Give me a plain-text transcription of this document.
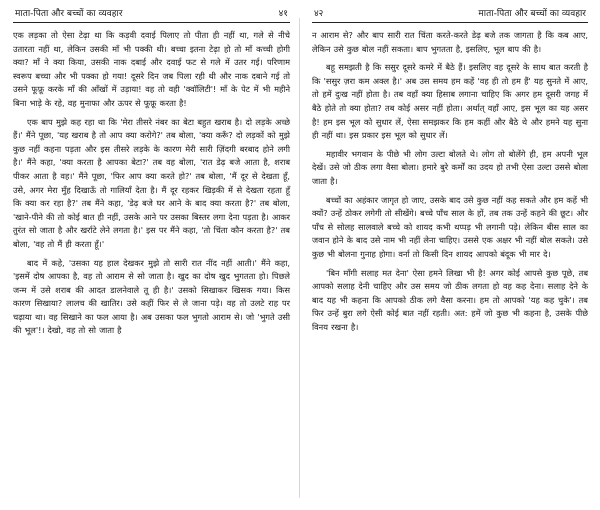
माता-पिता और बच्चों का व्यवहार	४१

एक लड़का तो ऐसा टेढ़ा था कि कड़वी दवाई पिलाए तो पीता ही नहीं था, गले से नीचे उतारता नहीं था, लेकिन उसकी माँ भी पक्की थी। बच्चा इतना टेढ़ा हो तो माँ कच्ची होगी क्या? माँ ने क्या किया, उसकी नाक दबाई और दवाई फट से गले में उतर गई। परिणाम स्वरूप बच्चा और भी पक्का हो गया! दूसरे दिन जब पिला रही थी और नाक दबाने गई तो उसने फूफ़ू करके माँ की आँखों में उड़ाया! वह तो वही 'क्वॉलिटी'! माँ के पेट में भी महीने बिना भाड़े के रहे, वह मुनाफा और ऊपर से फूफ़ू करता है!

एक बाप मुझे कह रहा था कि 'मेरा तीसरे नंबर का बेटा बहुत खराब है। दो लड़के अच्छे हैं।' मैंने पूछा, 'यह खराब है तो आप क्या करोगे?' तब बोला, 'क्या करूँ? दो लड़कों को मुझे कुछ नहीं कहना पड़ता और इस तीसरे लड़के के कारण मेरी सारी ज़िंदगी बरबाद होने लगी है।' मैंने कहा, 'क्या करता है आपका बेटा?' तब वह बोला, 'रात डेढ़ बजे आता है, शराब पीकर आता है वह।' मैंने पूछा, 'फिर आप क्या करते हो?' तब बोला, 'मैं दूर से देखता हूँ, उसे, अगर मेरा मुँह दिखाऊँ तो गालियाँ देता है। मैं दूर रहकर खिड़की में से देखता रहता हूँ कि क्या कर रहा है?' तब मैंने कहा, 'डेढ़ बजे घर आने के बाद क्या करता है?' तब बोला, 'खाने-पीने की तो कोई बात ही नहीं, उसके आने पर उसका बिस्तर लगा देना पड़ता है। आकर तुरंत सो जाता है और खर्राटे लेने लगता है।' इस पर मैंने कहा, 'तो चिंता कौन करता है?' तब बोला, 'वह तो मैं ही करता हूँ।'

बाद में कहे, 'उसका यह हाल देखकर मुझे तो सारी रात नींद नहीं आती।' मैंने कहा, 'इसमें दोष आपका है, वह तो आराम से सो जाता है। खुद का दोष खुद भुगतता हो। पिछले जन्म में उसे शराब की आदत डालनेवाले तू ही है।' उसको सिखाकर खिसक गया। किस कारण सिखाया? लालच की खातिर। उसे कहीं फिर से ले जाना पड़े। वह तो उलटे राह पर चढ़ाया था। वह सिखाने का फल आया है। अब उसका फल भुगतो आराम से। जो 'भुगते उसी की भूल'!। देखो, वह तो सो जाता है

४२	माता-पिता और बच्चों का व्यवहार

न आराम से? और बाप सारी रात चिंता करते-करते डेढ़ बजे तक जागता है कि कब आए, लेकिन उसे कुछ बोल नहीं सकता। बाप भुगतता है, इसलिए, भूल बाप की है।

बहू समझती है कि ससुर दूसरे कमरे में बैठे हैं। इसलिए वह दूसरे के साथ बात करती है कि 'ससुर ज़रा कम अक्ल है।' अब उस समय हम कहें 'वह ही तो हम हैं' यह सुनते में आए, तो हमें दुःख नहीं होता है। तब वहाँ क्या हिसाब लगाना चाहिए कि अगर हम दूसरी जगह में बैठे होते तो क्या होता? तब कोई असर नहीं होता। अर्थात् वहाँ आए, इस भूल का यह असर है! हम इस भूल को सुधार लें, ऐसा समझकर कि हम कहीं और बैठे थे और हमने यह सुना ही नहीं था। इस प्रकार इस भूल को सुधार लें।

महावीर भगवान के पीछे भी लोग उल्टा बोलते थे। लोग तो बोलेंगे ही, हम अपनी भूल देखें। उसे जो ठीक लगा वैसा बोला। हमारे बुरे कर्मों का उदय हो तभी ऐसा उल्टा उससे बोला जाता है।

बच्चों का अहंकार जागृत हो जाए, उसके बाद उसे कुछ नहीं कह सकते और हम कहें भी क्यों? उन्हें ठोकर लगेगी तो सीखेंगे। बच्चे पाँच साल के हों, तब तक उन्हें कहने की छूट। और पाँच से सोलह सालवाले बच्चे को शायद कभी थप्पड़ भी लगानी पड़े। लेकिन बीस साल का जवान होने के बाद उसे नाम भी नहीं लेना चाहिए। उससे एक अक्षर भी नहीं बोल सकते। उसे कुछ भी बोलना गुनाह होगा। वर्ना तो किसी दिन शायद आपको बंदूक भी मार दे।

'बिन माँगी सलाह मत देना' ऐसा हमने लिखा भी है! अगर कोई आपसे कुछ पूछे, तब आपको सलाह देनी चाहिए और उस समय जो ठीक लगता हो वह कह देना। सलाह देने के बाद यह भी कहना कि आपको ठीक लगे वैसा करना। हम तो आपको 'यह कह चुके'। तब फिर उन्हें बुरा लगे ऐसी कोई बात नहीं रहती। अत: हमें जो कुछ भी कहना है, उसके पीछे विनय रखना है।
